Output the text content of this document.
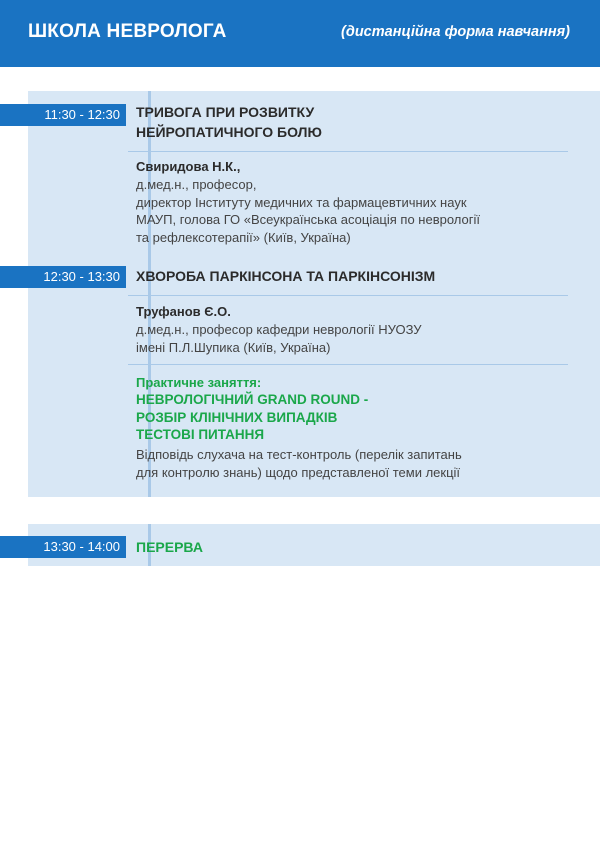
ШКОЛА НЕВРОЛОГА	(дистанційна форма навчання)
11:30 - 12:30	ТРИВОГА ПРИ РОЗВИТКУ
НЕЙРОПАТИЧНОГО БОЛЮ
Свиридова Н.К.,
д.мед.н., професор,
директор Інституту медичних та фармацевтичних наук
МАУП, голова ГО «Всеукраїнська асоціація по неврології
та рефлексотерапії» (Київ, Україна)
12:30 - 13:30	ХВОРОБА ПАРКІНСОНА ТА ПАРКІНСОНІЗМ
Труфанов Є.О.
д.мед.н., професор кафедри неврології НУОЗУ
імені П.Л.Шупика (Київ, Україна)
Практичне заняття:
НЕВРОЛОГІЧНИЙ GRAND ROUND -
РОЗБІР КЛІНІЧНИХ ВИПАДКІВ
ТЕСТОВІ ПИТАННЯ
Відповідь слухача на тест-контроль (перелік запитань
для контролю знань) щодо представленої теми лекції
13:30 - 14:00	ПЕРЕРВА
